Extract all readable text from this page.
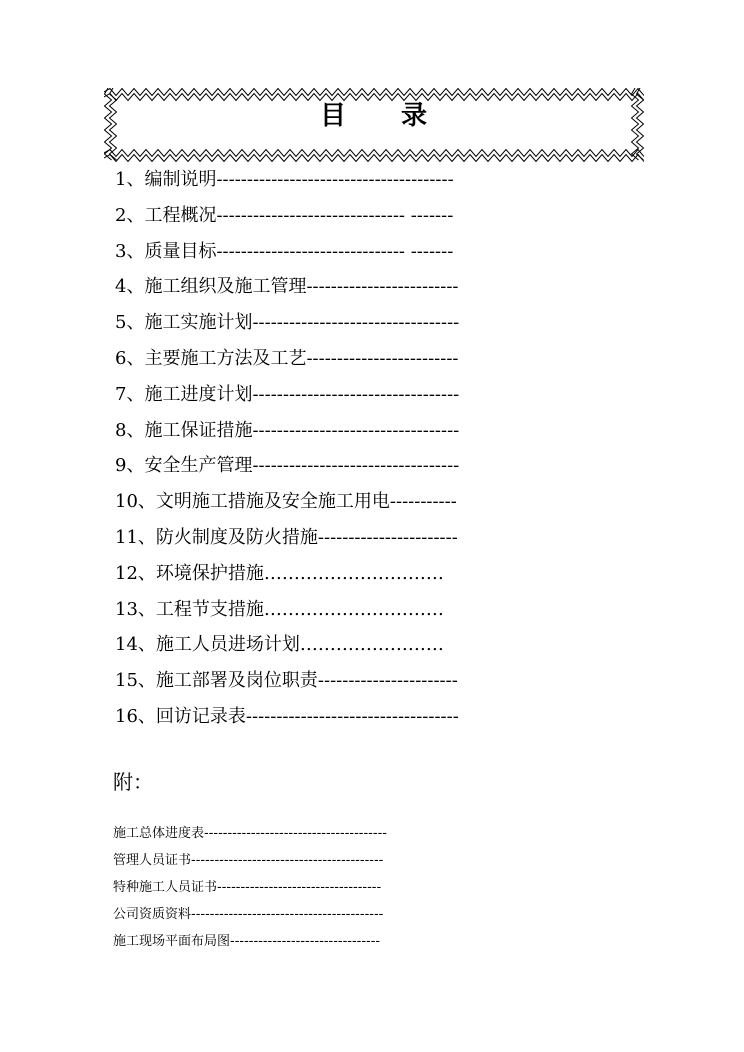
目　　录
1、编制说明---------------------------------------
2、工程概况------------------------------- -------
3、质量目标------------------------------- -------
4、施工组织及施工管理-------------------------
5、施工实施计划----------------------------------
6、主要施工方法及工艺-------------------------
7、施工进度计划----------------------------------
8、施工保证措施----------------------------------
9、安全生产管理----------------------------------
10、文明施工措施及安全施工用电-----------
11、防火制度及防火措施-----------------------
12、环境保护措施…………………………
13、工程节支措施…………………………
14、施工人员进场计划……………………
15、施工部署及岗位职责-----------------------
16、回访记录表-----------------------------------
附：
施工总体进度表---------------------------------------
管理人员证书-----------------------------------------
特种施工人员证书-----------------------------------
公司资质资料-----------------------------------------
施工现场平面布局图--------------------------------
